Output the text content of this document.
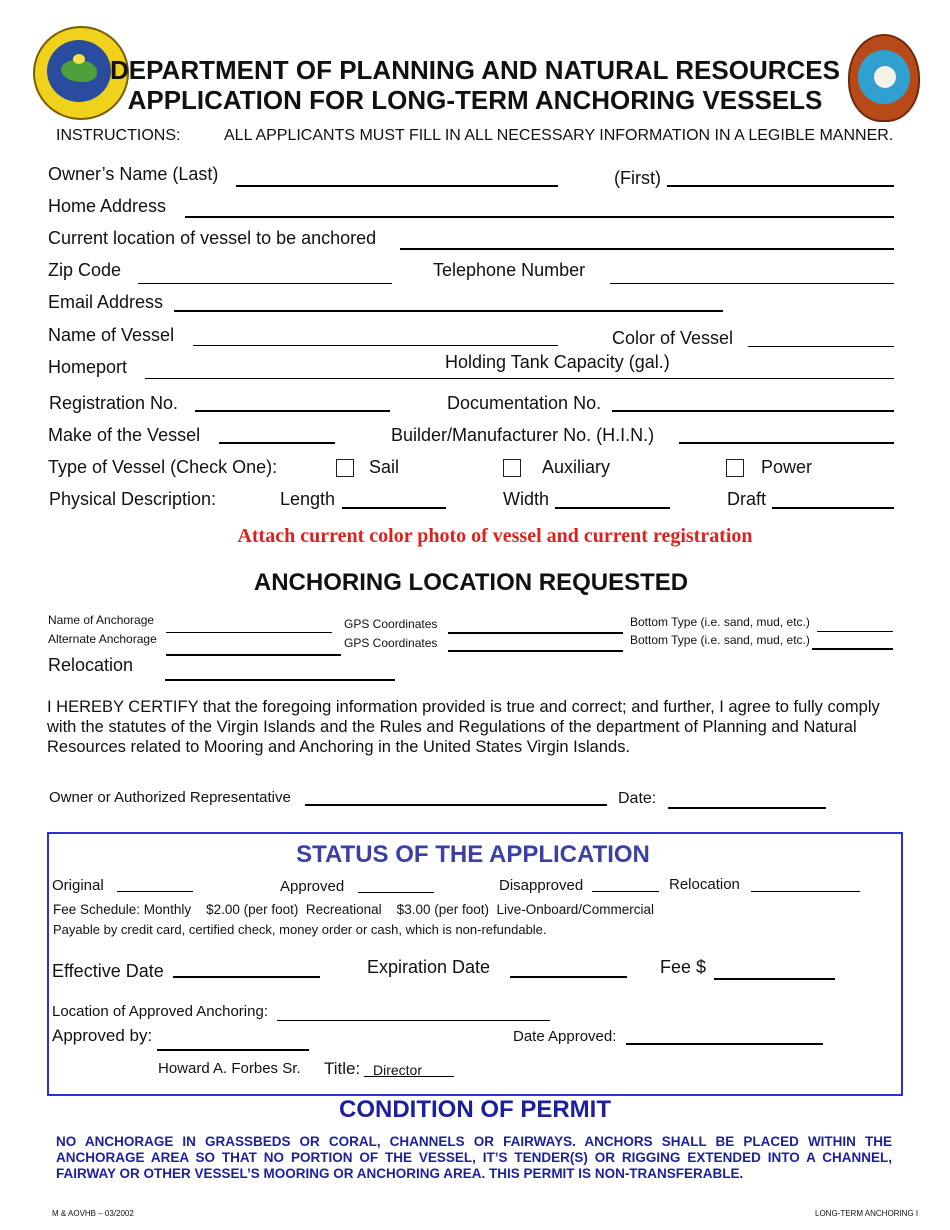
DEPARTMENT OF PLANNING AND NATURAL RESOURCES
APPLICATION FOR LONG-TERM ANCHORING VESSELS
INSTRUCTIONS:	ALL APPLICANTS MUST FILL IN ALL NECESSARY INFORMATION IN A LEGIBLE MANNER.
Owner’s Name (Last)	(First)
Home Address
Current location of vessel to be anchored
Zip Code	Telephone Number
Email Address
Name of Vessel	Color of Vessel
Homeport	Holding Tank Capacity (gal.)
Registration No.	Documentation No.
Make of the Vessel	Builder/Manufacturer No. (H.I.N.)
Type of Vessel (Check One):	Sail	Auxiliary	Power
Physical Description:	Length	Width	Draft
Attach current color photo of vessel and current registration
ANCHORING LOCATION REQUESTED
Name of Anchorage	GPS Coordinates	Bottom Type (i.e. sand, mud, etc.)
Alternate Anchorage	GPS Coordinates	Bottom Type (i.e. sand, mud, etc.)
Relocation
I HEREBY CERTIFY that the foregoing information provided is true and correct; and further, I agree to fully comply with the statutes of the Virgin Islands and the Rules and Regulations of the department of Planning and Natural Resources related to Mooring and Anchoring in the United States Virgin Islands.
Owner or Authorized Representative	Date:
STATUS OF THE APPLICATION
Original	Approved	Disapproved	Relocation
Fee Schedule: Monthly    $2.00 (per foot)  Recreational    $3.00 (per foot)  Live-Onboard/Commercial
Payable by credit card, certified check, money order or cash, which is non-refundable.
Effective Date	Expiration Date	Fee $
Location of Approved Anchoring:
Approved by:	Date Approved:
Howard A. Forbes Sr. Title: Director
CONDITION OF PERMIT
NO ANCHORAGE IN GRASSBEDS OR CORAL, CHANNELS OR FAIRWAYS. ANCHORS SHALL BE PLACED WITHIN THE ANCHORAGE AREA SO THAT NO PORTION OF THE VESSEL, IT’S TENDER(S) OR RIGGING EXTENDED INTO A CHANNEL, FAIRWAY OR OTHER VESSEL’S MOORING OR ANCHORING AREA. THIS PERMIT IS NON-TRANSFERABLE.
M & AOVHB – 03/2002	LONG-TERM ANCHORING I
